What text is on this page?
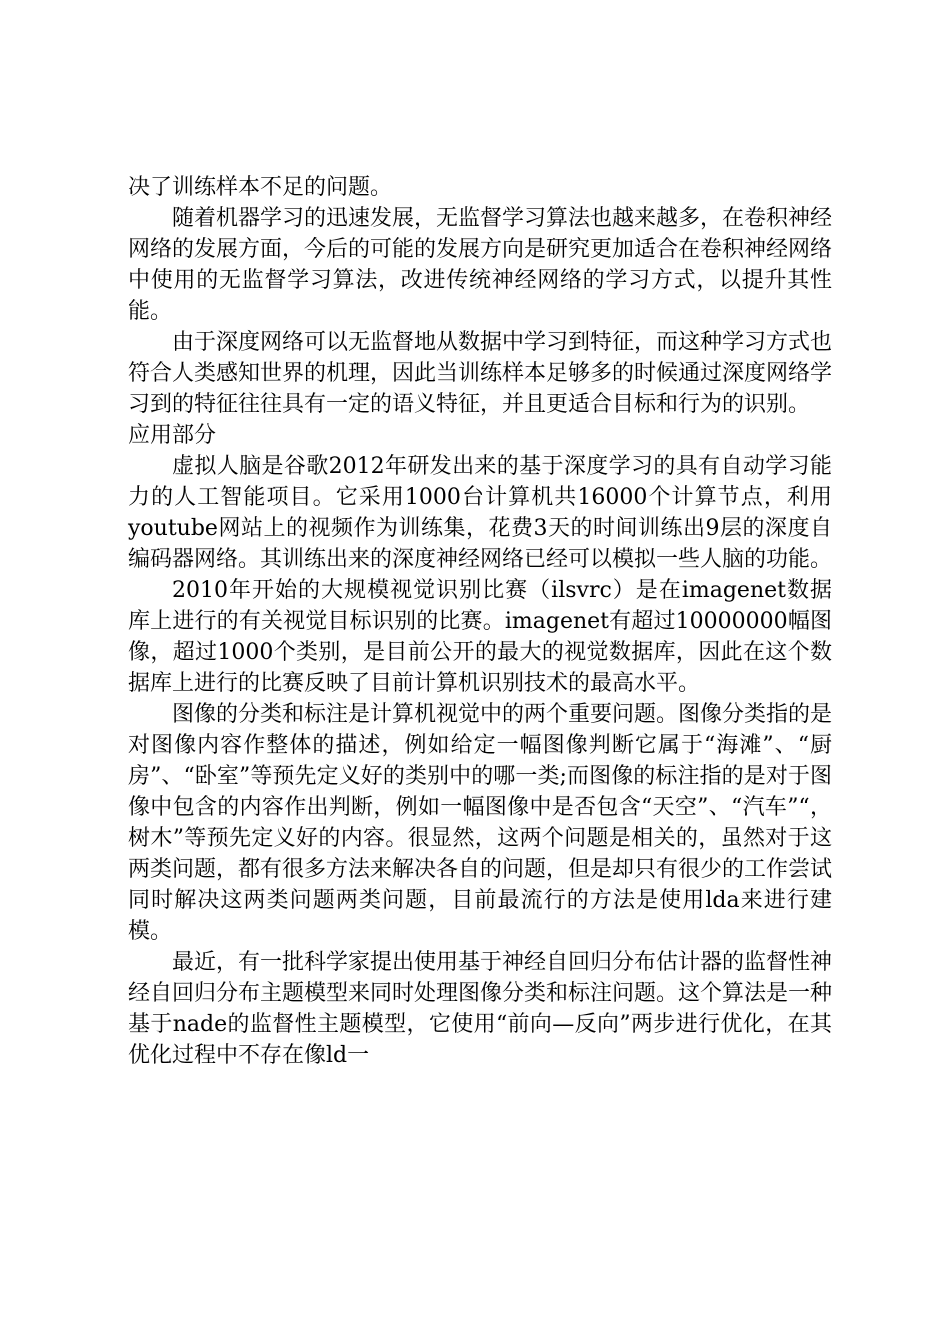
决了训练样本不足的问题。

随着机器学习的迅速发展，无监督学习算法也越来越多，在卷积神经网络的发展方面，今后的可能的发展方向是研究更加适合在卷积神经网络中使用的无监督学习算法，改进传统神经网络的学习方式，以提升其性能。

由于深度网络可以无监督地从数据中学习到特征，而这种学习方式也符合人类感知世界的机理，因此当训练样本足够多的时候通过深度网络学习到的特征往往具有一定的语义特征，并且更适合目标和行为的识别。

应用部分

虚拟人脑是谷歌2012年研发出来的基于深度学习的具有自动学习能力的人工智能项目。它采用1000台计算机共16000个计算节点，利用youtube网站上的视频作为训练集，花费3天的时间训练出9层的深度自编码器网络。其训练出来的深度神经网络已经可以模拟一些人脑的功能。

2010年开始的大规模视觉识别比赛（ilsvrc）是在imagenet数据库上进行的有关视觉目标识别的比赛。imagenet有超过10000000幅图像，超过1000个类别，是目前公开的最大的视觉数据库，因此在这个数据库上进行的比赛反映了目前计算机识别技术的最高水平。

图像的分类和标注是计算机视觉中的两个重要问题。图像分类指的是对图像内容作整体的描述，例如给定一幅图像判断它属于“海滩”、“厨房”、“卧室”等预先定义好的类别中的哪一类;而图像的标注指的是对于图像中包含的内容作出判断，例如一幅图像中是否包含“天空”、“汽车”“，树木”等预先定义好的内容。很显然，这两个问题是相关的，虽然对于这两类问题，都有很多方法来解决各自的问题，但是却只有很少的工作尝试同时解决这两类问题两类问题，目前最流行的方法是使用lda来进行建模。

最近，有一批科学家提出使用基于神经自回归分布估计器的监督性神经自回归分布主题模型来同时处理图像分类和标注问题。这个算法是一种基于nade的监督性主题模型，它使用“前向—反向”两步进行优化，在其优化过程中不存在像ld一
